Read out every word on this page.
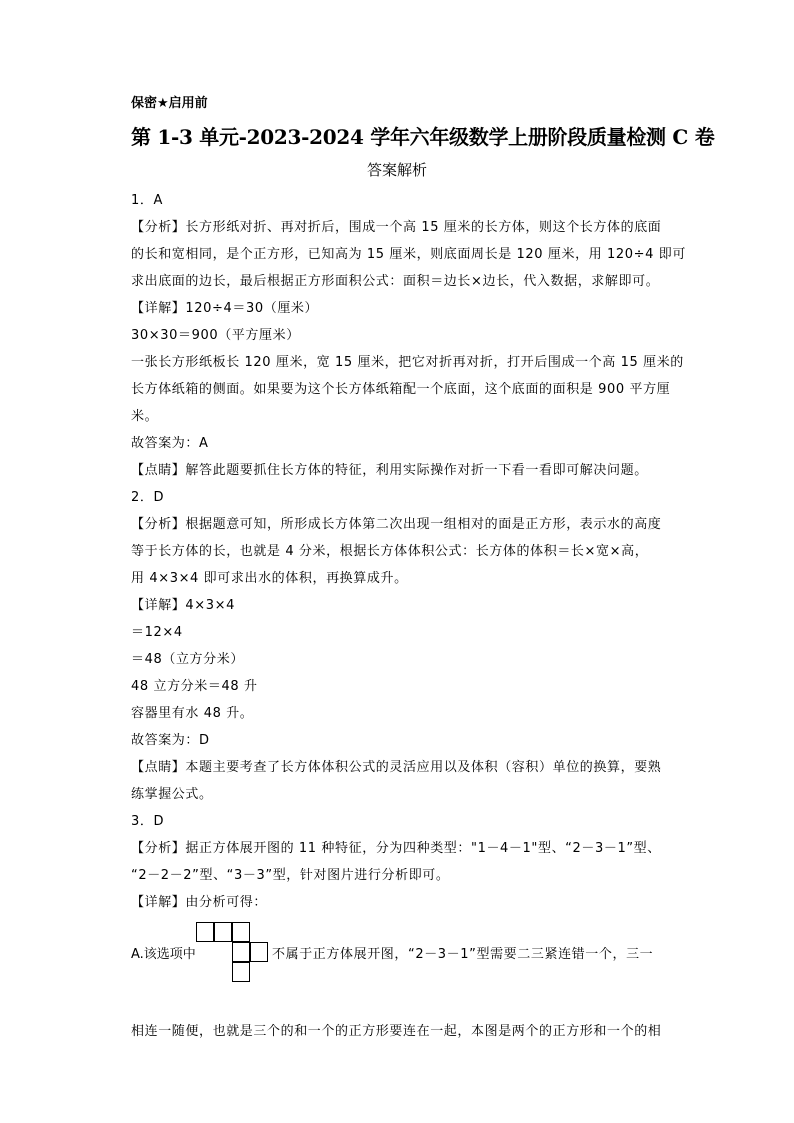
保密★启用前
第 1-3 单元-2023-2024 学年六年级数学上册阶段质量检测 C 卷
答案解析
1．A
【分析】长方形纸对折、再对折后，围成一个高 15 厘米的长方体，则这个长方体的底面
的长和宽相同，是个正方形，已知高为 15 厘米，则底面周长是 120 厘米，用 120÷4 即可
求出底面的边长，最后根据正方形面积公式：面积＝边长×边长，代入数据，求解即可。
【详解】120÷4＝30（厘米）
30×30＝900（平方厘米）
一张长方形纸板长 120 厘米，宽 15 厘米，把它对折再对折，打开后围成一个高 15 厘米的
长方体纸箱的侧面。如果要为这个长方体纸箱配一个底面，这个底面的面积是 900 平方厘
米。
故答案为：A
【点睛】解答此题要抓住长方体的特征，利用实际操作对折一下看一看即可解决问题。
2．D
【分析】根据题意可知，所形成长方体第二次出现一组相对的面是正方形，表示水的高度
等于长方体的长，也就是 4 分米，根据长方体体积公式：长方体的体积＝长×宽×高，
用 4×3×4 即可求出水的体积，再换算成升。
【详解】4×3×4
＝12×4
＝48（立方分米）
48 立方分米＝48 升
容器里有水 48 升。
故答案为：D
【点睛】本题主要考查了长方体体积公式的灵活应用以及体积（容积）单位的换算，要熟
练掌握公式。
3．D
【分析】据正方体展开图的 11 种特征，分为四种类型："1－4－1"型、“2－3－1”型、
“2－2－2”型、“3－3”型，针对图片进行分析即可。
【详解】由分析可得：
A.该选项中	不属于正方体展开图，“2－3－1”型需要二三紧连错一个，三一
相连一随便，也就是三个的和一个的正方形要连在一起，本图是两个的正方形和一个的相
